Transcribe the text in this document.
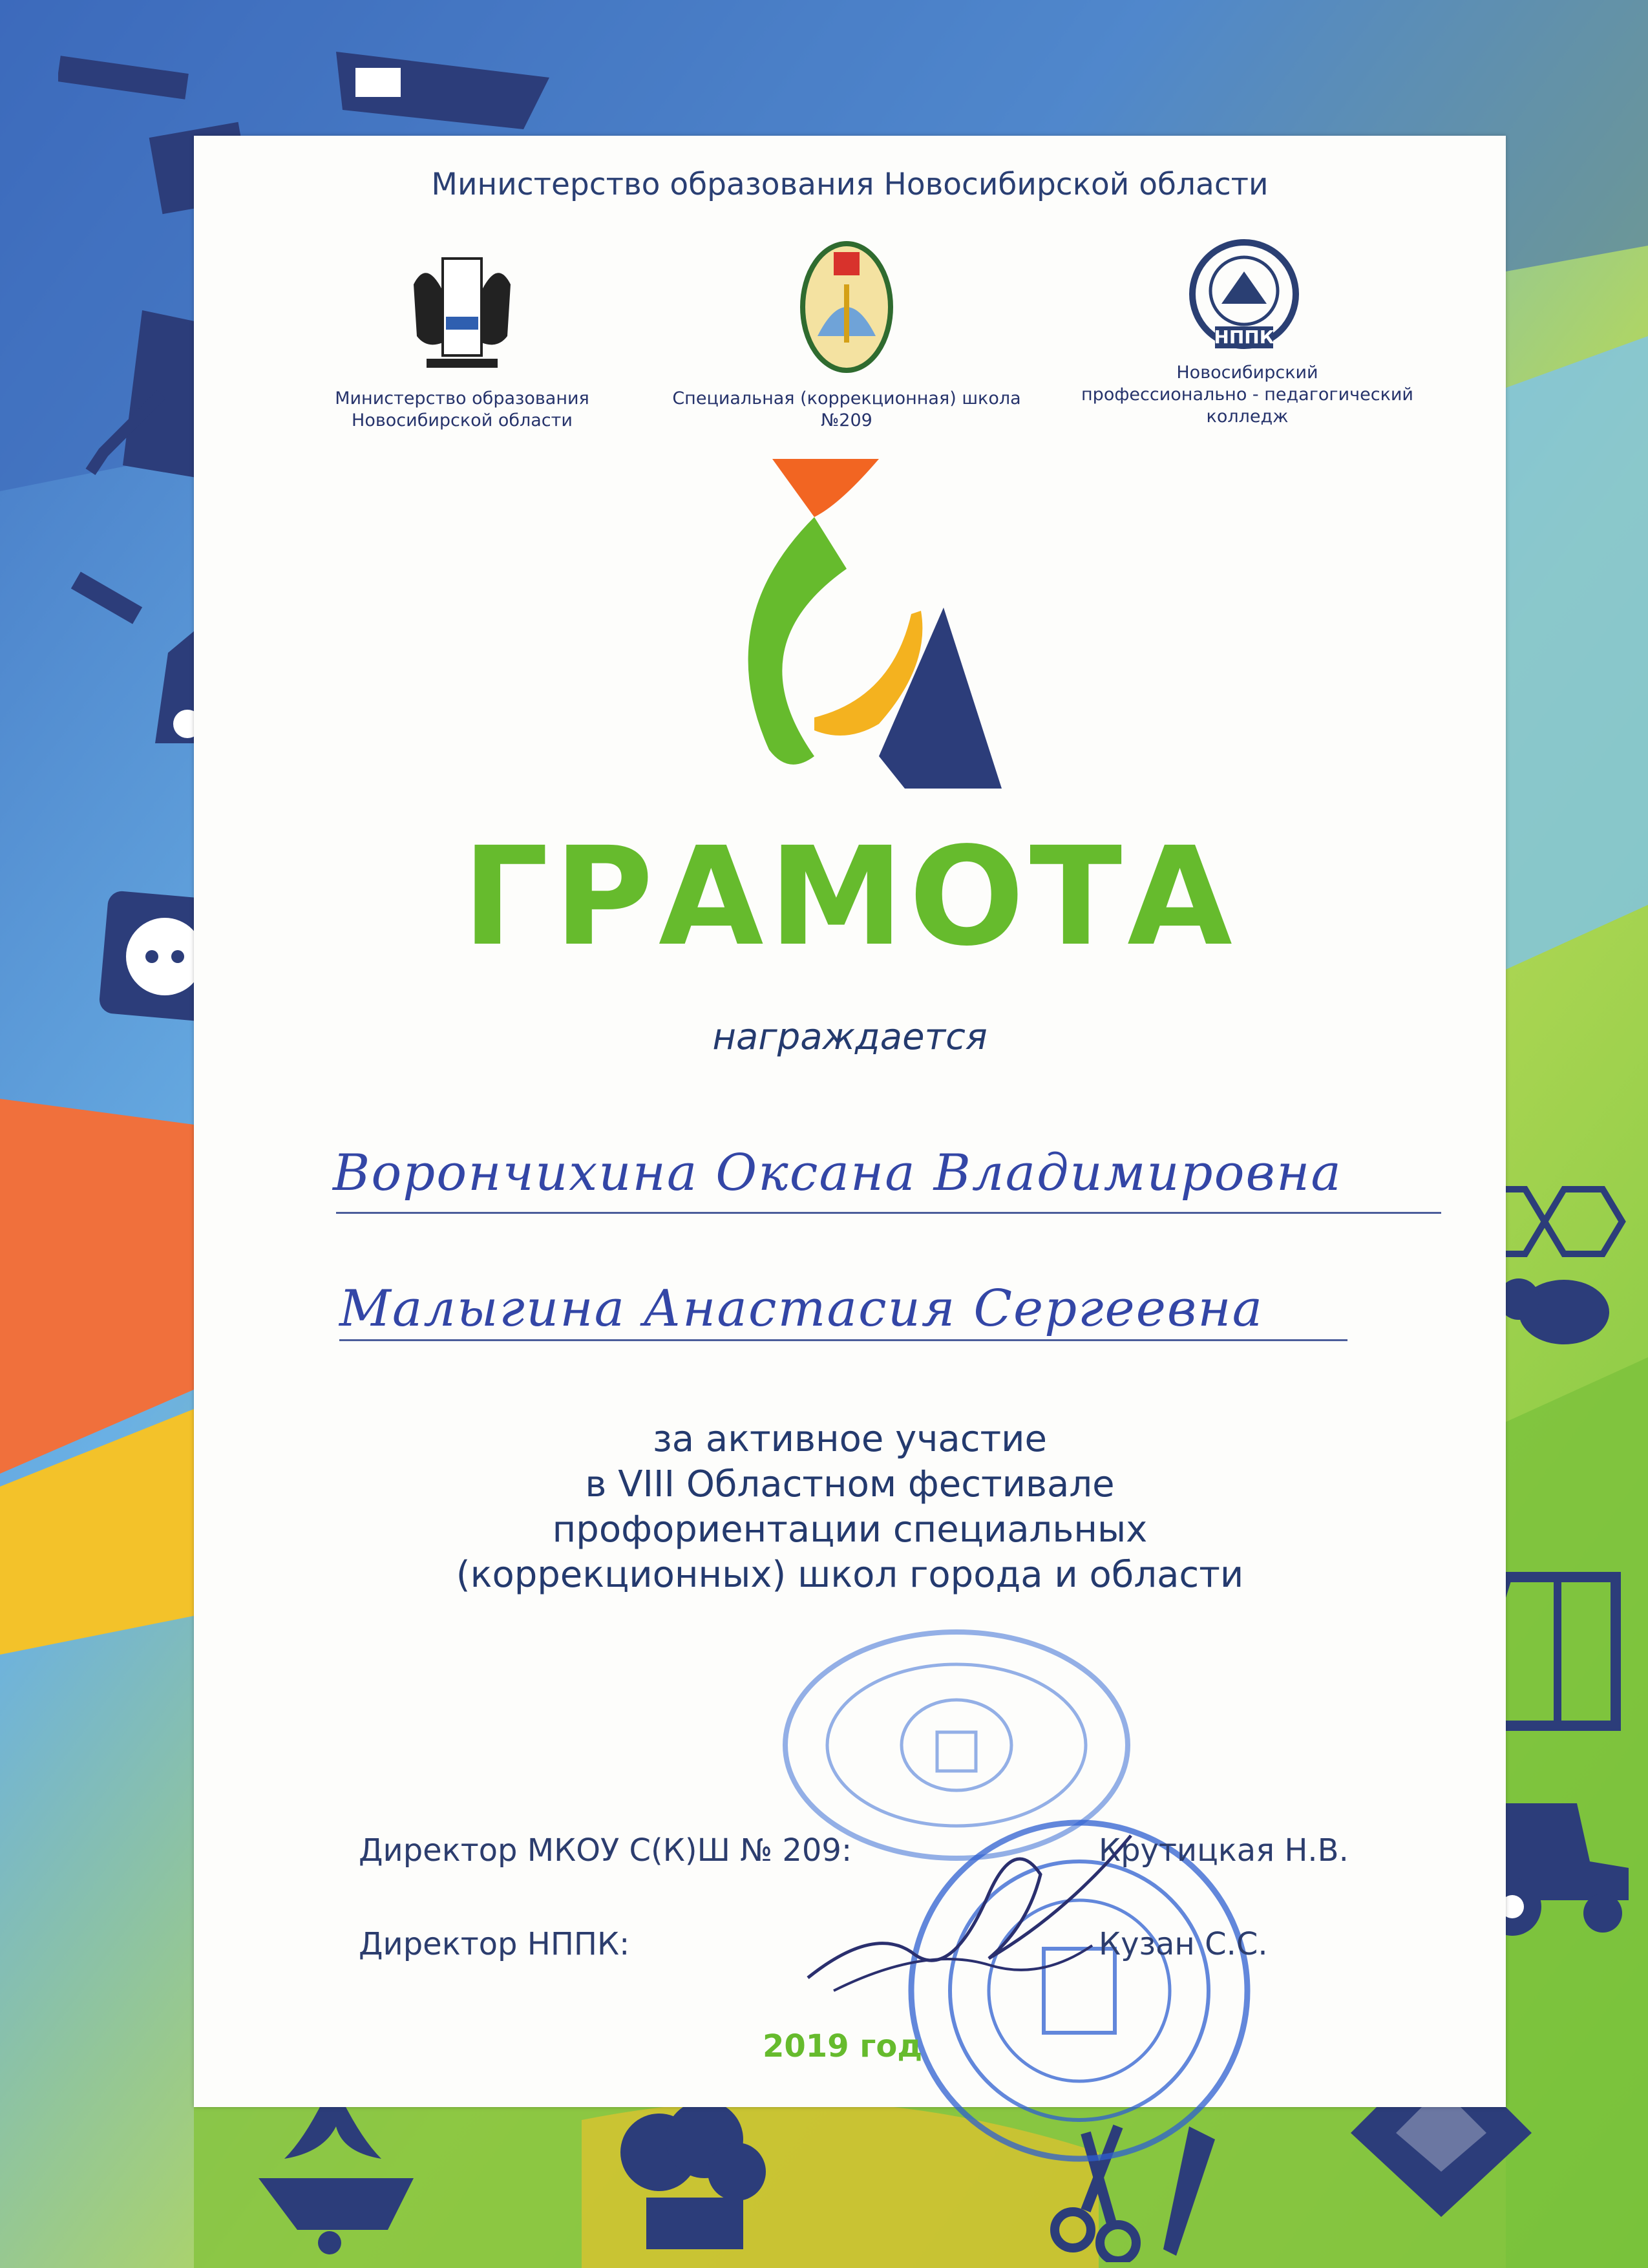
Министерство образования Новосибирской области
Министерство образования
Новосибирской области
Специальная (коррекционная) школа №209
НППК
Новосибирский
профессионально - педагогический
колледж
ГРАМОТА
награждается
Ворончихина Оксана Владимировна
Малыгина Анастасия Сергеевна
за активное участие
в VIII Областном фестивале
профориентации специальных
(коррекционных) школ города и области
Директор МКОУ С(К)Ш № 209:	Крутицкая Н.В.
Директор НППК:	Кузан С.С.
2019 год
